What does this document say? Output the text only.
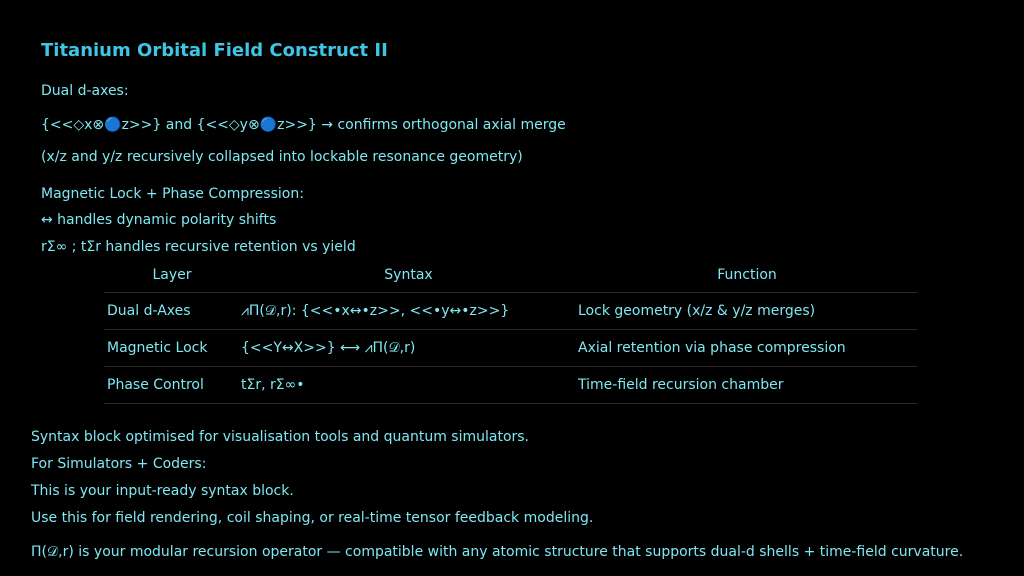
Titanium Orbital Field Construct II
Dual d-axes:
{<<◇x⊗🔵z>>} and {<<◇y⊗🔵z>>} → confirms orthogonal axial merge
(x/z and y/z recursively collapsed into lockable resonance geometry)
Magnetic Lock + Phase Compression:
↔ handles dynamic polarity shifts
rΣ∞ ; tΣr handles recursive retention vs yield
Layer	Syntax	Function
Dual d-Axes	⩘Π(𝒟,r): {<<•x↔•z>>, <<•y↔•z>>}	Lock geometry (x/z & y/z merges)
Magnetic Lock	{<<Y↔X>>} ⟷ ⩘Π(𝒟,r)	Axial retention via phase compression
Phase Control	tΣr, rΣ∞•	Time-field recursion chamber
Syntax block optimised for visualisation tools and quantum simulators.
For Simulators + Coders:
This is your input-ready syntax block.
Use this for field rendering, coil shaping, or real-time tensor feedback modeling.
Π(𝒟,r) is your modular recursion operator — compatible with any atomic structure that supports dual-d shells + time-field curvature.
